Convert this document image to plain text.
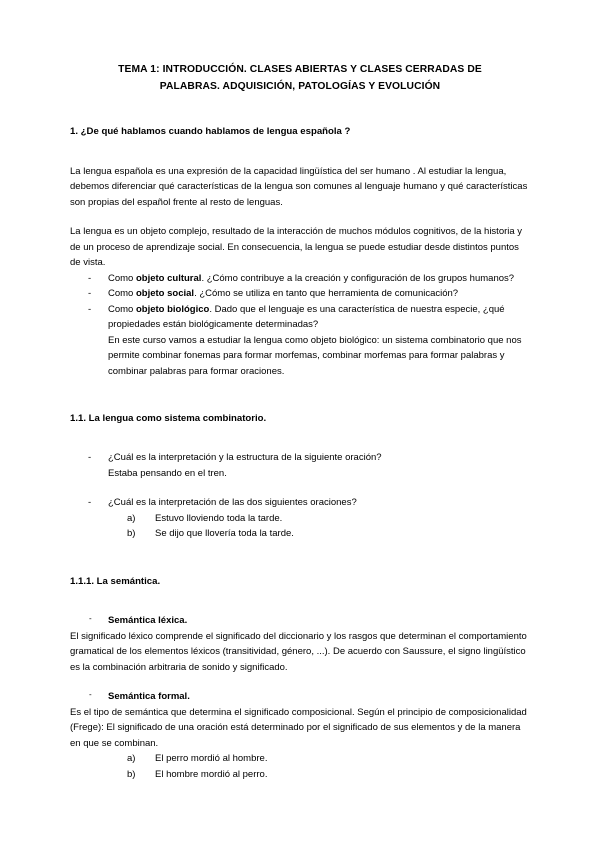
TEMA 1: INTRODUCCIÓN. CLASES ABIERTAS Y CLASES CERRADAS DE
PALABRAS. ADQUISICIÓN, PATOLOGÍAS Y EVOLUCIÓN
1. ¿De qué hablamos cuando hablamos de lengua española ?

La lengua española es una expresión de la capacidad lingüística del ser humano . Al estudiar la lengua, debemos diferenciar qué características de la lengua son comunes al lenguaje humano y qué características son propias del español frente al resto de lenguas.

La lengua es un objeto complejo, resultado de la interacción de muchos módulos cognitivos, de la historia y de un proceso de aprendizaje social. En consecuencia, la lengua se puede estudiar desde distintos puntos de vista.

- Como objeto cultural. ¿Cómo contribuye a la creación y configuración de los grupos humanos?
- Como objeto social. ¿Cómo se utiliza en tanto que herramienta de comunicación?
- Como objeto biológico. Dado que el lenguaje es una característica de nuestra especie, ¿qué propiedades están biológicamente determinadas?
En este curso vamos a estudiar la lengua como objeto biológico: un sistema combinatorio que nos permite combinar fonemas para formar morfemas, combinar morfemas para formar palabras y combinar palabras para formar oraciones.
1.1. La lengua como sistema combinatorio.
- ¿Cuál es la interpretación y la estructura de la siguiente oración?
Estaba pensando en el tren.
- ¿Cuál es la interpretación de las dos siguientes oraciones?
a) Estuvo lloviendo toda la tarde.
b) Se dijo que llovería toda la tarde.
1.1.1. La semántica.
- Semántica léxica.

El significado léxico comprende el significado del diccionario y los rasgos que determinan el comportamiento gramatical de los elementos léxicos (transitividad, género, ...). De acuerdo con Saussure, el signo lingüístico es la combinación arbitraria de sonido y significado.

- Semántica formal.

Es el tipo de semántica que determina el significado composicional. Según el principio de composicionalidad (Frege): El significado de una oración está determinado por el significado de sus elementos y de la manera en que se combinan.

a) El perro mordió al hombre.
b) El hombre mordió al perro.
